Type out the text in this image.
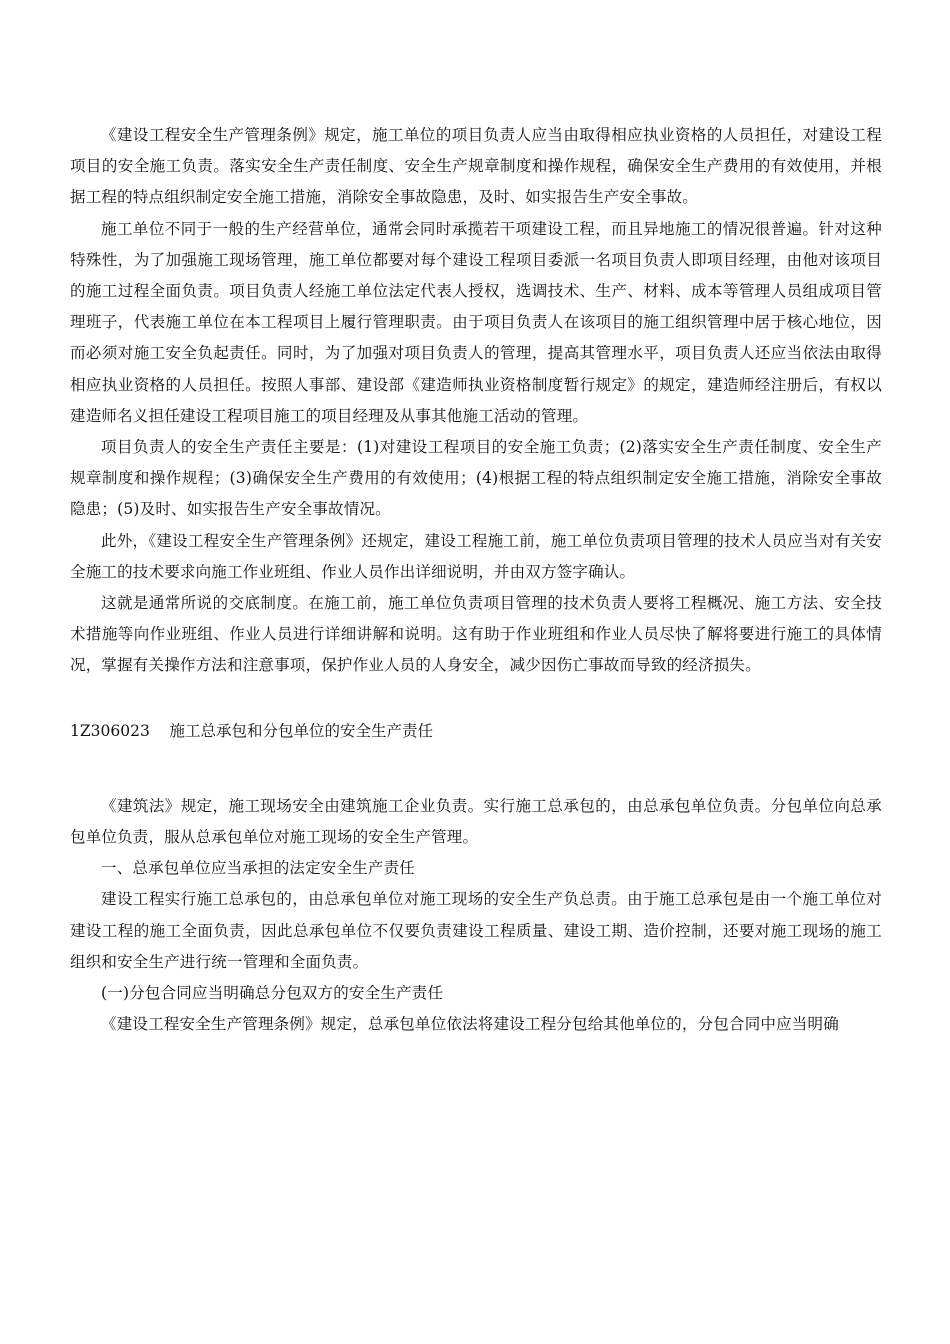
《建设工程安全生产管理条例》规定，施工单位的项目负责人应当由取得相应执业资格的人员担任，对建设工程项目的安全施工负责。落实安全生产责任制度、安全生产规章制度和操作规程，确保安全生产费用的有效使用，并根据工程的特点组织制定安全施工措施，消除安全事故隐患，及时、如实报告生产安全事故。

施工单位不同于一般的生产经营单位，通常会同时承揽若干项建设工程，而且异地施工的情况很普遍。针对这种特殊性，为了加强施工现场管理，施工单位都要对每个建设工程项目委派一名项目负责人即项目经理，由他对该项目的施工过程全面负责。项目负责人经施工单位法定代表人授权，选调技术、生产、材料、成本等管理人员组成项目管理班子，代表施工单位在本工程项目上履行管理职责。由于项目负责人在该项目的施工组织管理中居于核心地位，因而必须对施工安全负起责任。同时，为了加强对项目负责人的管理，提高其管理水平，项目负责人还应当依法由取得相应执业资格的人员担任。按照人事部、建设部《建造师执业资格制度暂行规定》的规定，建造师经注册后，有权以建造师名义担任建设工程项目施工的项目经理及从事其他施工活动的管理。

项目负责人的安全生产责任主要是：(1)对建设工程项目的安全施工负责；(2)落实安全生产责任制度、安全生产规章制度和操作规程；(3)确保安全生产费用的有效使用；(4)根据工程的特点组织制定安全施工措施，消除安全事故隐患；(5)及时、如实报告生产安全事故情况。

此外，《建设工程安全生产管理条例》还规定，建设工程施工前，施工单位负责项目管理的技术人员应当对有关安全施工的技术要求向施工作业班组、作业人员作出详细说明，并由双方签字确认。

这就是通常所说的交底制度。在施工前，施工单位负责项目管理的技术负责人要将工程概况、施工方法、安全技术措施等向作业班组、作业人员进行详细讲解和说明。这有助于作业班组和作业人员尽快了解将要进行施工的具体情况，掌握有关操作方法和注意事项，保护作业人员的人身安全，减少因伤亡事故而导致的经济损失。

1Z306023 施工总承包和分包单位的安全生产责任

《建筑法》规定，施工现场安全由建筑施工企业负责。实行施工总承包的，由总承包单位负责。分包单位向总承包单位负责，服从总承包单位对施工现场的安全生产管理。

一、总承包单位应当承担的法定安全生产责任

建设工程实行施工总承包的，由总承包单位对施工现场的安全生产负总责。由于施工总承包是由一个施工单位对建设工程的施工全面负责，因此总承包单位不仅要负责建设工程质量、建设工期、造价控制，还要对施工现场的施工组织和安全生产进行统一管理和全面负责。

(一)分包合同应当明确总分包双方的安全生产责任

《建设工程安全生产管理条例》规定，总承包单位依法将建设工程分包给其他单位的，分包合同中应当明确
